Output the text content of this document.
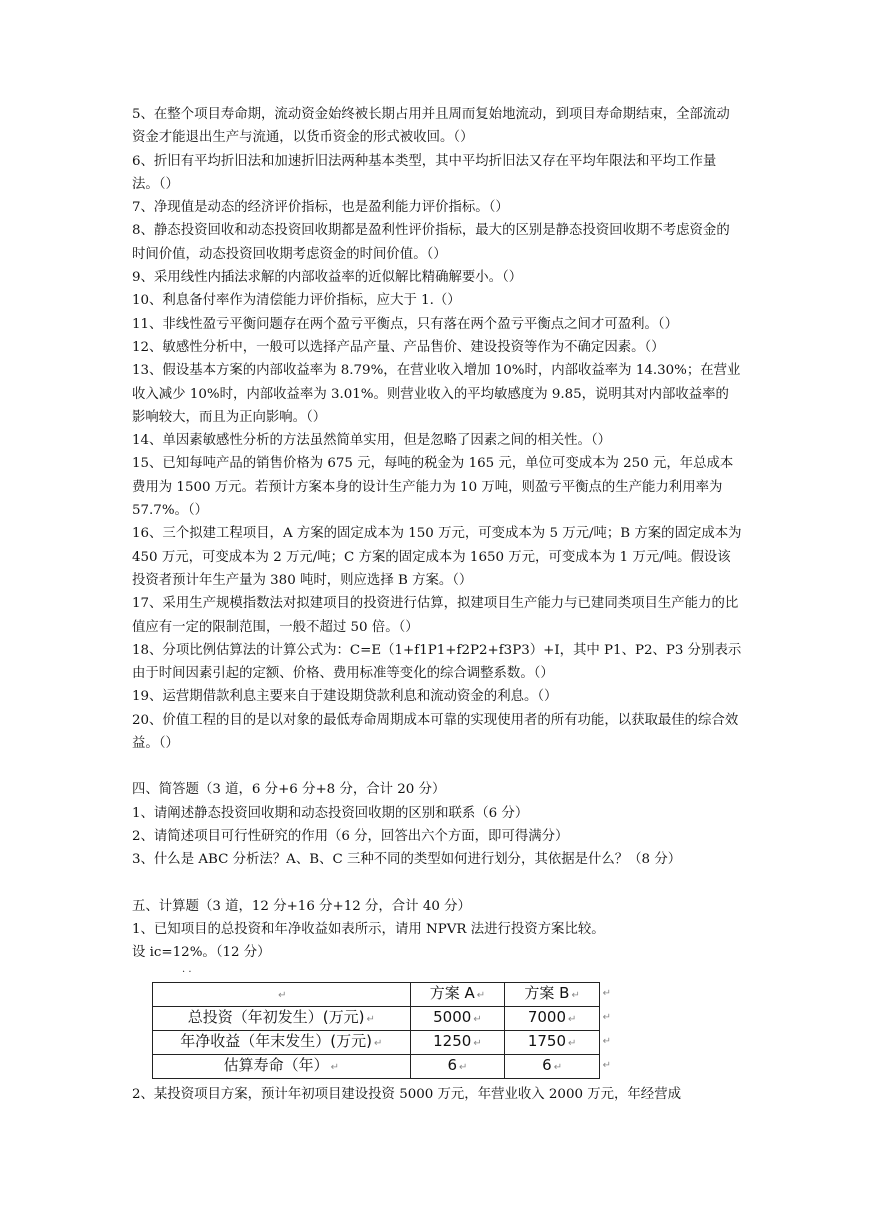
5、在整个项目寿命期，流动资金始终被长期占用并且周而复始地流动，到项目寿命期结束，全部流动资金才能退出生产与流通，以货币资金的形式被收回。（）

6、折旧有平均折旧法和加速折旧法两种基本类型，其中平均折旧法又存在平均年限法和平均工作量法。（）

7、净现值是动态的经济评价指标，也是盈利能力评价指标。（）

8、静态投资回收和动态投资回收期都是盈利性评价指标，最大的区别是静态投资回收期不考虑资金的时间价值，动态投资回收期考虑资金的时间价值。（）

9、采用线性内插法求解的内部收益率的近似解比精确解要小。（）

10、利息备付率作为清偿能力评价指标，应大于 1.（）

11、非线性盈亏平衡问题存在两个盈亏平衡点，只有落在两个盈亏平衡点之间才可盈利。（）

12、敏感性分析中，一般可以选择产品产量、产品售价、建设投资等作为不确定因素。（）

13、假设基本方案的内部收益率为 8.79%，在营业收入增加 10%时，内部收益率为 14.30%；在营业收入减少 10%时，内部收益率为 3.01%。则营业收入的平均敏感度为 9.85，说明其对内部收益率的影响较大，而且为正向影响。（）

14、单因素敏感性分析的方法虽然简单实用，但是忽略了因素之间的相关性。（）

15、已知每吨产品的销售价格为 675 元，每吨的税金为 165 元，单位可变成本为 250 元，年总成本费用为 1500 万元。若预计方案本身的设计生产能力为 10 万吨，则盈亏平衡点的生产能力利用率为 57.7%。（）

16、三个拟建工程项目，A 方案的固定成本为 150 万元，可变成本为 5 万元/吨；B 方案的固定成本为 450 万元，可变成本为 2 万元/吨；C 方案的固定成本为 1650 万元，可变成本为 1 万元/吨。假设该投资者预计年生产量为 380 吨时，则应选择 B 方案。（）

17、采用生产规模指数法对拟建项目的投资进行估算，拟建项目生产能力与已建同类项目生产能力的比值应有一定的限制范围，一般不超过 50 倍。（）

18、分项比例估算法的计算公式为：C=E（1+f1P1+f2P2+f3P3）+I，其中 P1、P2、P3 分别表示由于时间因素引起的定额、价格、费用标准等变化的综合调整系数。（）

19、运营期借款利息主要来自于建设期贷款利息和流动资金的利息。（）

20、价值工程的目的是以对象的最低寿命周期成本可靠的实现使用者的所有功能，以获取最佳的综合效益。（）

四、简答题（3 道，6 分+6 分+8 分，合计 20 分）

1、请阐述静态投资回收期和动态投资回收期的区别和联系（6 分）

2、请简述项目可行性研究的作用（6 分，回答出六个方面，即可得满分）

3、什么是 ABC 分析法？A、B、C 三种不同的类型如何进行划分，其依据是什么？（8 分）

五、计算题（3 道，12 分+16 分+12 分，合计 40 分）

1、已知项目的总投资和年净收益如表所示，请用 NPVR 法进行投资方案比较。

设 ic=12%。（12 分）

· ·
↵	方案 A ↵	方案 B ↵ ↵

总投资（年初发生）(万元) ↵	5000 ↵	7000 ↵ ↵

年净收益（年末发生）(万元) ↵	1250 ↵	1750 ↵ ↵

估算寿命（年） ↵	6 ↵	6 ↵ ↵

2、某投资项目方案，预计年初项目建设投资 5000 万元，年营业收入 2000 万元，年经营成
